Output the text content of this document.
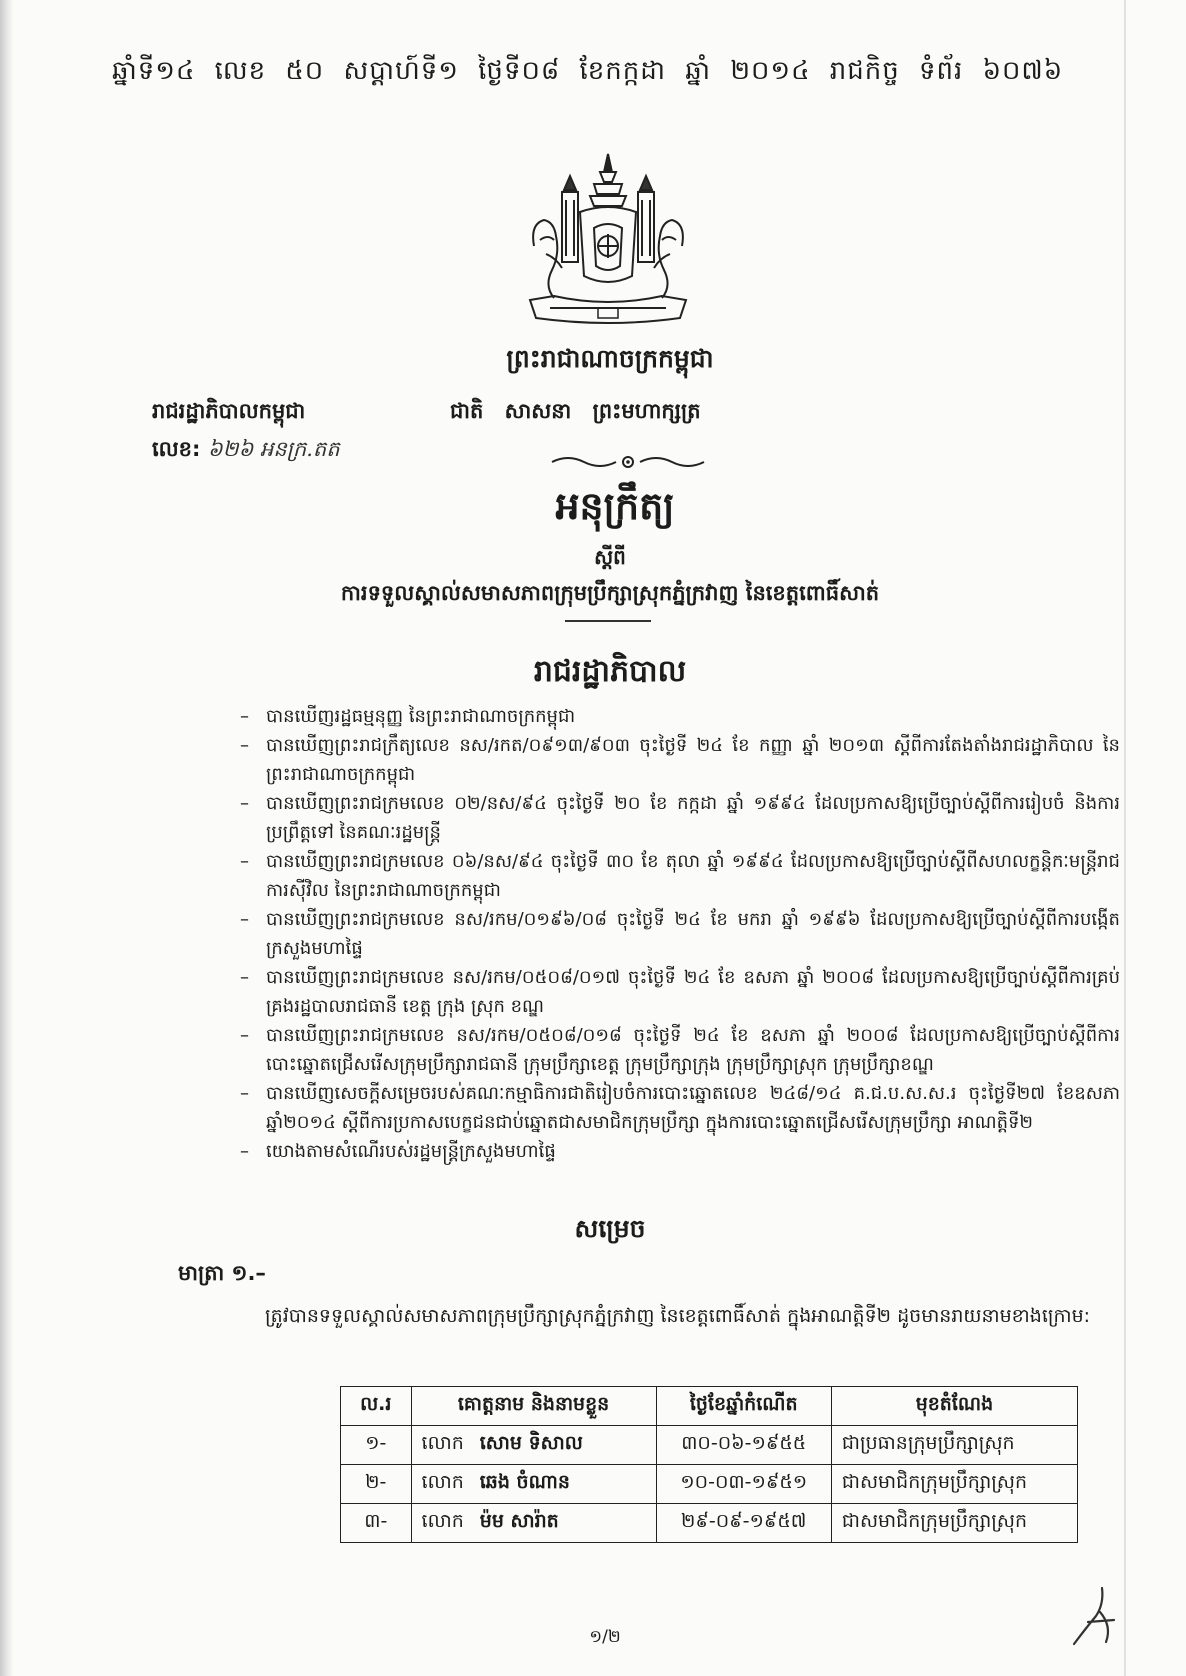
ឆ្នាំទី១៤ លេខ ៥០ សប្ដាហ៍ទី១ ថ្ងៃទី០៨ ខែកក្កដា ឆ្នាំ ២០១៤ រាជកិច្ច ទំព័រ ៦០៧៦
ព្រះរាជាណាចក្រកម្ពុជា
រាជរដ្ឋាភិបាលកម្ពុជា	ជាតិ សាសនា ព្រះមហាក្សត្រ
លេខ: ៦២៦ អនក្រ.តត
អនុក្រឹត្យ
ស្ដីពី
ការទទួលស្គាល់សមាសភាពក្រុមប្រឹក្សាស្រុកភ្នំក្រវាញ នៃខេត្តពោធិ៍សាត់
រាជរដ្ឋាភិបាល
– បានឃើញរដ្ឋធម្មនុញ្ញ នៃព្រះរាជាណាចក្រកម្ពុជា
– បានឃើញព្រះរាជក្រឹត្យលេខ នស/រកត/០៩១៣/៩០៣ ចុះថ្ងៃទី ២៤ ខែ កញ្ញា ឆ្នាំ ២០១៣ ស្ដីពីការតែងតាំងរាជរដ្ឋាភិបាល នៃព្រះរាជាណាចក្រកម្ពុជា
– បានឃើញព្រះរាជក្រមលេខ ០២/នស/៩៤ ចុះថ្ងៃទី ២០ ខែ កក្កដា ឆ្នាំ ១៩៩៤ ដែលប្រកាសឱ្យប្រើច្បាប់ស្ដីពីការរៀបចំ និងការប្រព្រឹត្តទៅ នៃគណៈរដ្ឋមន្ត្រី
– បានឃើញព្រះរាជក្រមលេខ ០៦/នស/៩៤ ចុះថ្ងៃទី ៣០ ខែ តុលា ឆ្នាំ ១៩៩៤ ដែលប្រកាសឱ្យប្រើច្បាប់ស្ដីពីសហលក្ខន្តិកៈមន្ត្រីរាជការស៊ីវិល នៃព្រះរាជាណាចក្រកម្ពុជា
– បានឃើញព្រះរាជក្រមលេខ នស/រកម/០១៩៦/០៨ ចុះថ្ងៃទី ២៤ ខែ មករា ឆ្នាំ ១៩៩៦ ដែលប្រកាសឱ្យប្រើច្បាប់ស្ដីពីការបង្កើតក្រសួងមហាផ្ទៃ
– បានឃើញព្រះរាជក្រមលេខ នស/រកម/០៥០៨/០១៧ ចុះថ្ងៃទី ២៤ ខែ ឧសភា ឆ្នាំ ២០០៨ ដែលប្រកាសឱ្យប្រើច្បាប់ស្ដីពីការគ្រប់គ្រងរដ្ឋបាលរាជធានី ខេត្ត ក្រុង ស្រុក ខណ្ឌ
– បានឃើញព្រះរាជក្រមលេខ នស/រកម/០៥០៨/០១៨ ចុះថ្ងៃទី ២៤ ខែ ឧសភា ឆ្នាំ ២០០៨ ដែលប្រកាសឱ្យប្រើច្បាប់ស្ដីពីការបោះឆ្នោតជ្រើសរើសក្រុមប្រឹក្សារាជធានី ក្រុមប្រឹក្សាខេត្ត ក្រុមប្រឹក្សាក្រុង ក្រុមប្រឹក្សាស្រុក ក្រុមប្រឹក្សាខណ្ឌ
– បានឃើញសេចក្ដីសម្រេចរបស់គណៈកម្មាធិការជាតិរៀបចំការបោះឆ្នោតលេខ ២៤៨/១៤ គ.ជ.ប.ស.ស.រ ចុះថ្ងៃទី២៧ ខែឧសភា ឆ្នាំ២០១៤ ស្ដីពីការប្រកាសបេក្ខជនជាប់ឆ្នោតជាសមាជិកក្រុមប្រឹក្សា ក្នុងការបោះឆ្នោតជ្រើសរើសក្រុមប្រឹក្សា អាណត្តិទី២
– យោងតាមសំណើរបស់រដ្ឋមន្ត្រីក្រសួងមហាផ្ទៃ
សម្រេច
មាត្រា ១.–
ត្រូវបានទទួលស្គាល់សមាសភាពក្រុមប្រឹក្សាស្រុកភ្នំក្រវាញ នៃខេត្តពោធិ៍សាត់ ក្នុងអាណត្តិទី២ ដូចមានរាយនាមខាងក្រោម:
ល.រ	គោត្តនាម និងនាមខ្លួន	ថ្ងៃខែឆ្នាំកំណើត	មុខតំណែង
១-	លោក សោម ទិសាល	៣០-០៦-១៩៥៥	ជាប្រធានក្រុមប្រឹក្សាស្រុក
២-	លោក ឆេង ចំណាន	១០-០៣-១៩៥១	ជាសមាជិកក្រុមប្រឹក្សាស្រុក
៣-	លោក ម៉ម សារ៉ាត	២៩-០៩-១៩៥៧	ជាសមាជិកក្រុមប្រឹក្សាស្រុក
១/២
